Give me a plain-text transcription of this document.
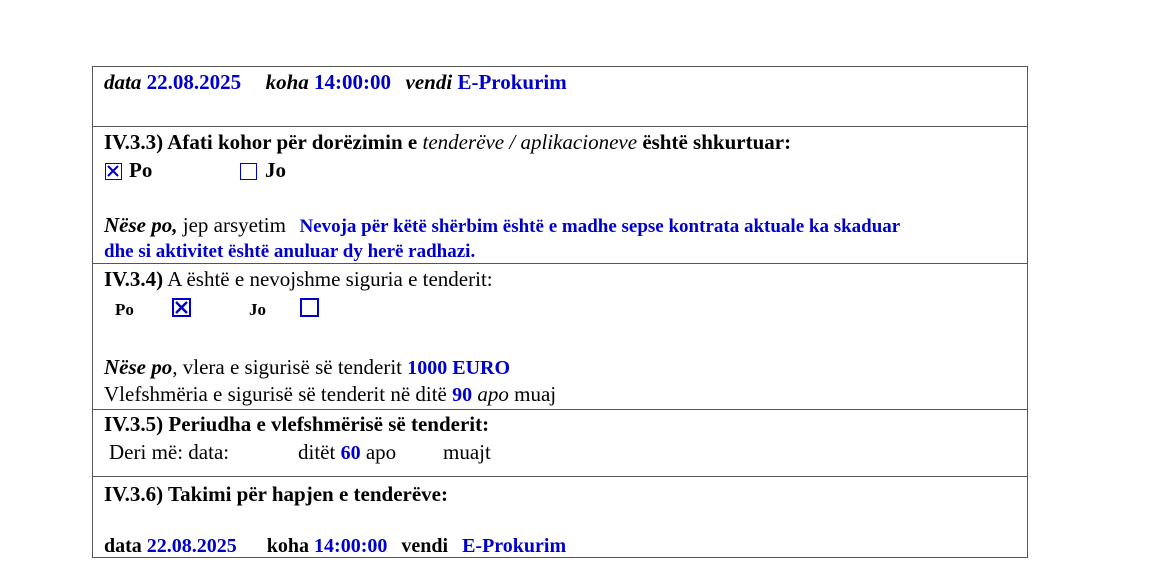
data 22.08.2025 koha 14:00:00 vendi E-Prokurim
IV.3.3) Afati kohor për dorëzimin e tenderëve / aplikacioneve është shkurtuar:
Po	Jo
Nëse po, jep arsyetim Nevoja për këtë shërbim është e madhe sepse kontrata aktuale ka skaduar
dhe si aktivitet është anuluar dy herë radhazi.
IV.3.4) A është e nevojshme siguria e tenderit:
Po	Jo
Nëse po, vlera e sigurisë së tenderit 1000 EURO
Vlefshmëria e sigurisë së tenderit në ditë 90 apo muaj
IV.3.5) Periudha e vlefshmërisë së tenderit:
Deri më: data:	ditët 60 apo muajt
IV.3.6) Takimi për hapjen e tenderëve:
data 22.08.2025 koha 14:00:00 vendi E-Prokurim
